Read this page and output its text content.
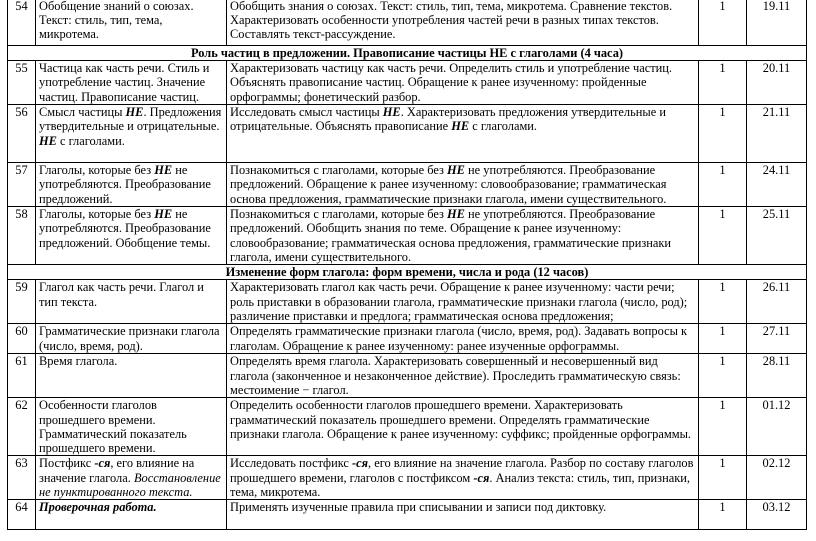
54	Обобщение знаний о союзах. Текст: стиль, тип, тема, микротема.	Обобщить знания о союзах. Текст: стиль, тип, тема, микротема. Сравнение текстов. Характеризовать особенности употребления частей речи в разных типах текстов. Составлять текст-рассуждение.	1	19.11
Роль частиц в предложении. Правописание частицы НЕ с глаголами (4 часа)				
55	Частица как часть речи. Стиль и употребление частиц. Значение частиц. Правописание частиц.	Характеризовать частицу как часть речи. Определить стиль и употребление частиц. Объяснять правописание частиц. Обращение к ранее изученному: пройденные орфограммы; фонетический разбор.	1	20.11
56	Смысл частицы НЕ. Предложения утвердительные и отрицательные. НЕ с глаголами.	Исследовать смысл частицы НЕ. Характеризовать предложения утвердительные и отрицательные. Объяснять правописание НЕ с глаголами.	1	21.11
57	Глаголы, которые без НЕ не употребляются. Преобразование предложений.	Познакомиться с глаголами, которые без НЕ не употребляются. Преобразование предложений. Обращение к ранее изученному: словообразование; грамматическая основа предложения, грамматические признаки глагола, имени существительного.	1	24.11
58	Глаголы, которые без НЕ не употребляются. Преобразование предложений. Обобщение темы.	Познакомиться с глаголами, которые без НЕ не употребляются. Преобразование предложений. Обобщить знания по теме. Обращение к ранее изученному: словообразование; грамматическая основа предложения, грамматические признаки глагола, имени существительного.	1	25.11
Изменение форм глагола: форм времени, числа и рода (12 часов)				
59	Глагол как часть речи. Глагол и тип текста.	Характеризовать глагол как часть речи. Обращение к ранее изученному: части речи; роль приставки в образовании глагола, грамматические признаки глагола (число, род); различение приставки и предлога; грамматическая основа предложения;	1	26.11
60	Грамматические признаки глагола (число, время, род).	Определять грамматические признаки глагола (число, время, род). Задавать вопросы к глаголам. Обращение к ранее изученному: ранее изученные орфограммы.	1	27.11
61	Время глагола.	Определять время глагола. Характеризовать совершенный и несовершенный вид глагола (законченное и незаконченное действие). Проследить грамматическую связь: местоимение − глагол.	1	28.11
62	Особенности глаголов прошедшего времени. Грамматический показатель прошедшего времени.	Определить особенности глаголов прошедшего времени. Характеризовать грамматический показатель прошедшего времени. Определять грамматические признаки глагола. Обращение к ранее изученному: суффикс; пройденные орфограммы.	1	01.12
63	Постфикс -ся, его влияние на значение глагола. Восстановление не пунктированного текста.	Исследовать постфикс -ся, его влияние на значение глагола. Разбор по составу глаголов прошедшего времени, глаголов с постфиксом -ся. Анализ текста: стиль, тип, признаки, тема, микротема.	1	02.12
64	Проверочная работа.	Применять изученные правила при списывании и записи под диктовку.	1	03.12
